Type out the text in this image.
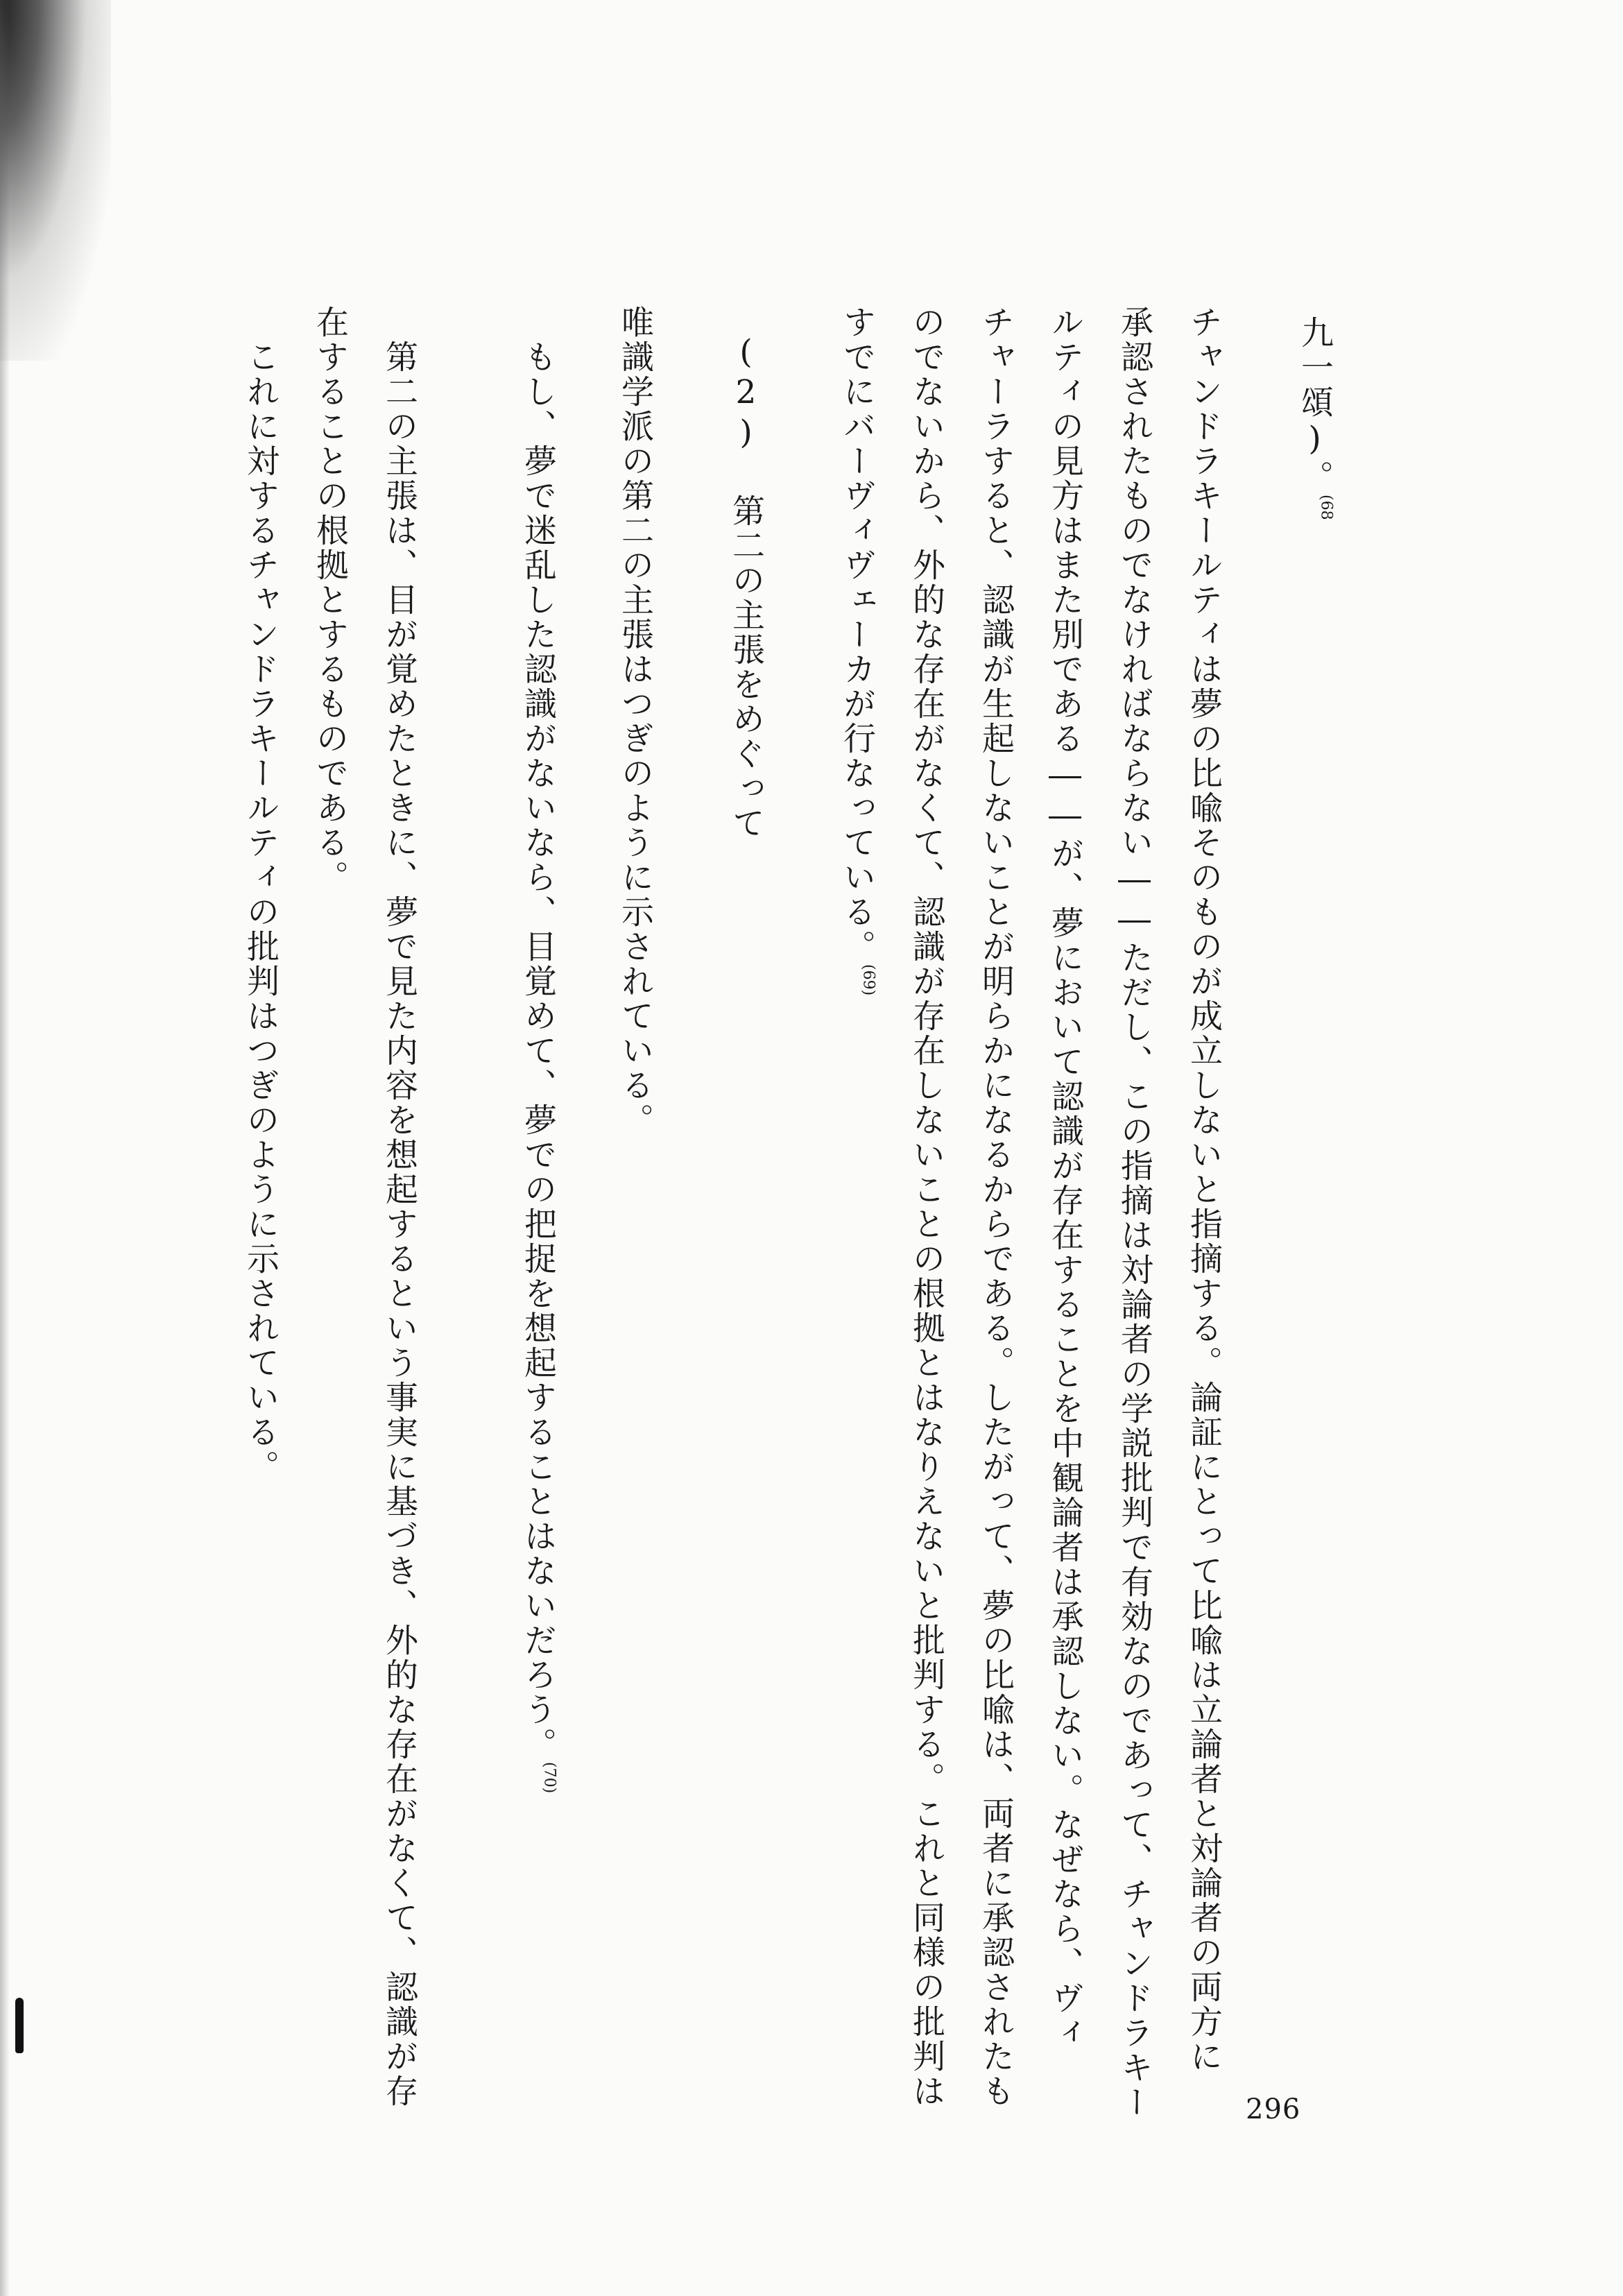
九一頌)。$^{(68}$
チャンドラキールティは夢の比喩そのものが成立しないと指摘する。論証にとって比喩は立論者と対論者の両方に
承認されたものでなければならない――ただし、この指摘は対論者の学説批判で有効なのであって、チャンドラキー
ルティの見方はまた別である――が、夢において認識が存在することを中観論者は承認しない。なぜなら、ヴィ
チャーラすると、認識が生起しないことが明らかになるからである。したがって、夢の比喩は、両者に承認されたも
のでないから、外的な存在がなくて、認識が存在しないことの根拠とはなりえないと批判する。これと同様の批判は
すでにバーヴィヴェーカが行なっている。$^{(69)}$
(2) 第二の主張をめぐって
唯識学派の第二の主張はつぎのように示されている。
もし、夢で迷乱した認識がないなら、目覚めて、夢での把捉を想起することはないだろう。$^{(70)}$
第二の主張は、目が覚めたときに、夢で見た内容を想起するという事実に基づき、外的な存在がなくて、認識が存
在することの根拠とするものである。
これに対するチャンドラキールティの批判はつぎのように示されている。
296
